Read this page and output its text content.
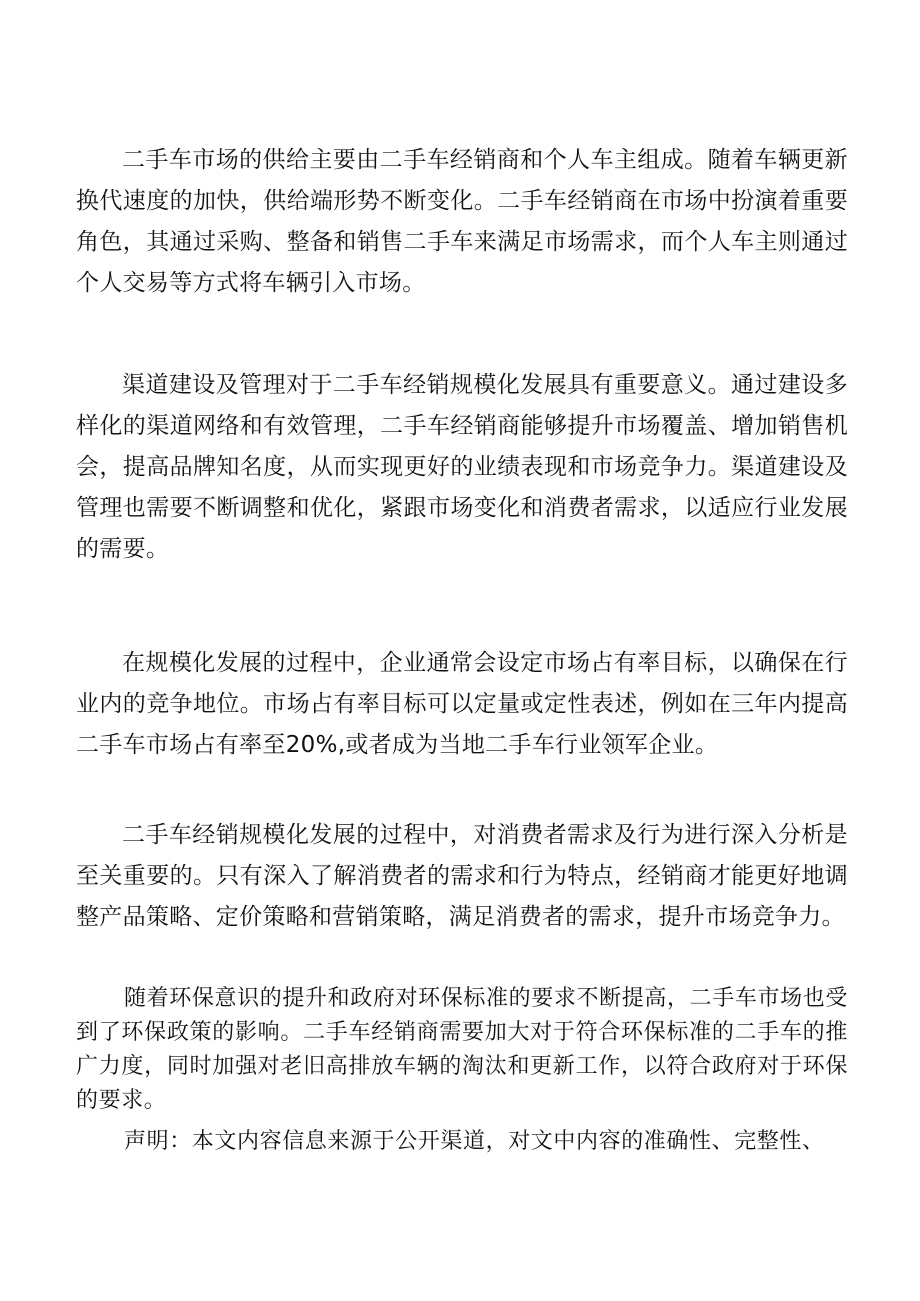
二手车市场的供给主要由二手车经销商和个人车主组成。随着车辆更新换代速度的加快，供给端形势不断变化。二手车经销商在市场中扮演着重要角色，其通过采购、整备和销售二手车来满足市场需求，而个人车主则通过个人交易等方式将车辆引入市场。

渠道建设及管理对于二手车经销规模化发展具有重要意义。通过建设多样化的渠道网络和有效管理，二手车经销商能够提升市场覆盖、增加销售机会，提高品牌知名度，从而实现更好的业绩表现和市场竞争力。渠道建设及管理也需要不断调整和优化，紧跟市场变化和消费者需求，以适应行业发展的需要。

在规模化发展的过程中，企业通常会设定市场占有率目标，以确保在行业内的竞争地位。市场占有率目标可以定量或定性表述，例如在三年内提高二手车市场占有率至20%,或者成为当地二手车行业领军企业。

二手车经销规模化发展的过程中，对消费者需求及行为进行深入分析是至关重要的。只有深入了解消费者的需求和行为特点，经销商才能更好地调整产品策略、定价策略和营销策略，满足消费者的需求，提升市场竞争力。

随着环保意识的提升和政府对环保标准的要求不断提高，二手车市场也受到了环保政策的影响。二手车经销商需要加大对于符合环保标准的二手车的推广力度，同时加强对老旧高排放车辆的淘汰和更新工作，以符合政府对于环保的要求。

声明：本文内容信息来源于公开渠道，对文中内容的准确性、完整性、
